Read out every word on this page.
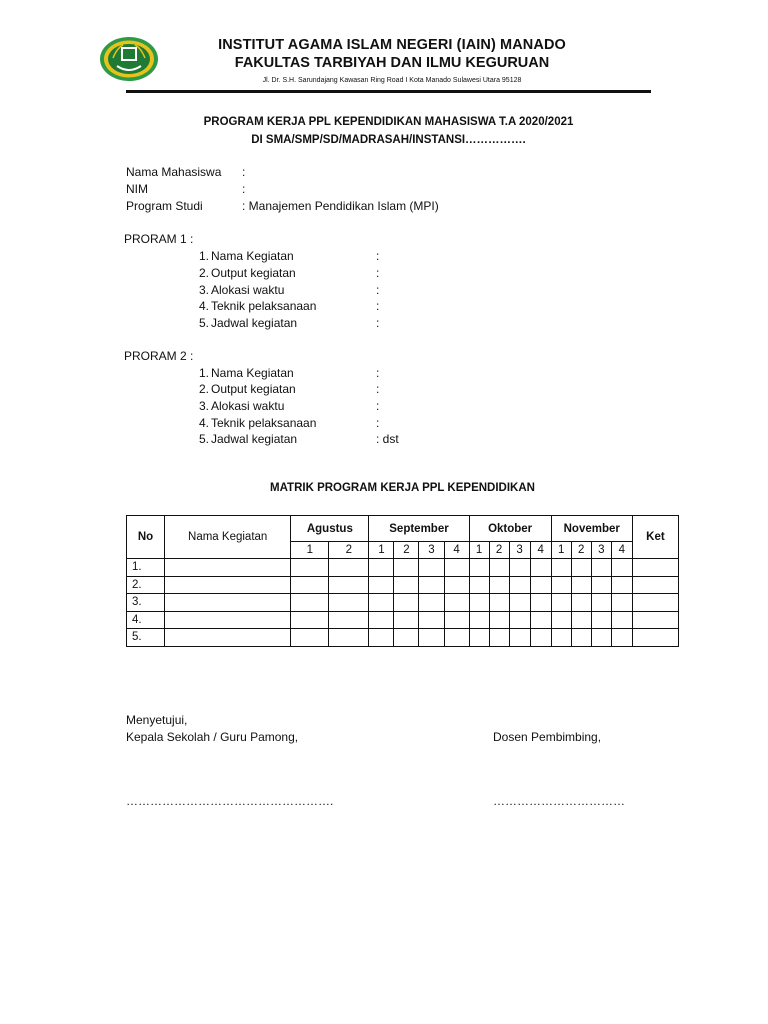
INSTITUT AGAMA ISLAM NEGERI (IAIN) MANADO
FAKULTAS TARBIYAH DAN ILMU KEGURUAN
Jl. Dr. S.H. Sarundajang Kawasan Ring Road I Kota Manado Sulawesi Utara 95128
PROGRAM KERJA PPL KEPENDIDIKAN MAHASISWA T.A 2020/2021
DI SMA/SMP/SD/MADRASAH/INSTANSI…………….
Nama Mahasiswa :
NIM	:
Program Studi	: Manajemen Pendidikan Islam (MPI)
PRORAM 1 :
1. Nama Kegiatan	:
2. Output kegiatan	:
3. Alokasi waktu	:
4. Teknik pelaksanaan	:
5. Jadwal kegiatan	:
PRORAM 2 :
1. Nama Kegiatan	:
2. Output kegiatan	:
3. Alokasi waktu	:
4. Teknik pelaksanaan	:
5. Jadwal kegiatan	: dst
MATRIK PROGRAM KERJA PPL KEPENDIDIKAN
No	Nama Kegiatan	Agustus		September				Oktober				November				Ket
		1	2	1	2	3	4	1	2	3	4	1	2	3	4	
1.																
2.																
3.																
4.																
5.																
Menyetujui,
Kepala Sekolah / Guru Pamong,	Dosen Pembimbing,
…………………………………………….	……………………………
